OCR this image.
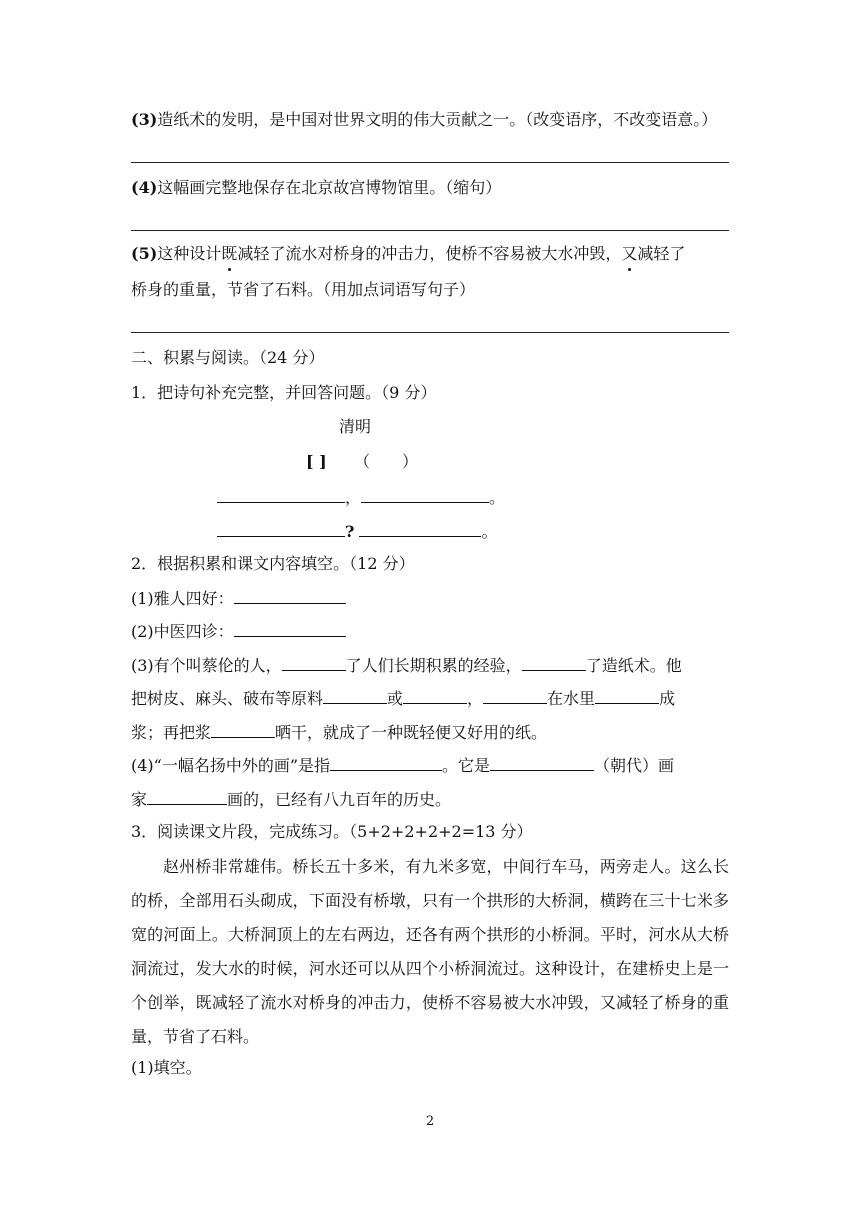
(3)造纸术的发明，是中国对世界文明的伟大贡献之一。（改变语序，不改变语意。）
(4)这幅画完整地保存在北京故宫博物馆里。（缩句）
(5)这种设计既减轻了流水对桥身的冲击力，使桥不容易被大水冲毁，又减轻了
桥身的重量，节省了石料。（用加点词语写句子）
二、积累与阅读。（24 分）
1．把诗句补充完整，并回答问题。（9 分）
清明
[ ] （　　）
，	。
?	。
2．根据积累和课文内容填空。（12 分）
(1)雅人四好：
(2)中医四诊：
(3)有个叫蔡伦的人，	了人们长期积累的经验，	了造纸术。他
把树皮、麻头、破布等原料	或	，	在水里	成
浆；再把浆	晒干，就成了一种既轻便又好用的纸。
(4)“一幅名扬中外的画”是指	。它是	（朝代）画
家	画的，已经有八九百年的历史。
3．阅读课文片段，完成练习。（5+2+2+2+2=13 分）
赵州桥非常雄伟。桥长五十多米，有九米多宽，中间行车马，两旁走人。这么长的桥，全部用石头砌成，下面没有桥墩，只有一个拱形的大桥洞，横跨在三十七米多宽的河面上。大桥洞顶上的左右两边，还各有两个拱形的小桥洞。平时，河水从大桥洞流过，发大水的时候，河水还可以从四个小桥洞流过。这种设计，在建桥史上是一个创举，既减轻了流水对桥身的冲击力，使桥不容易被大水冲毁，又减轻了桥身的重量，节省了石料。
(1)填空。
2
